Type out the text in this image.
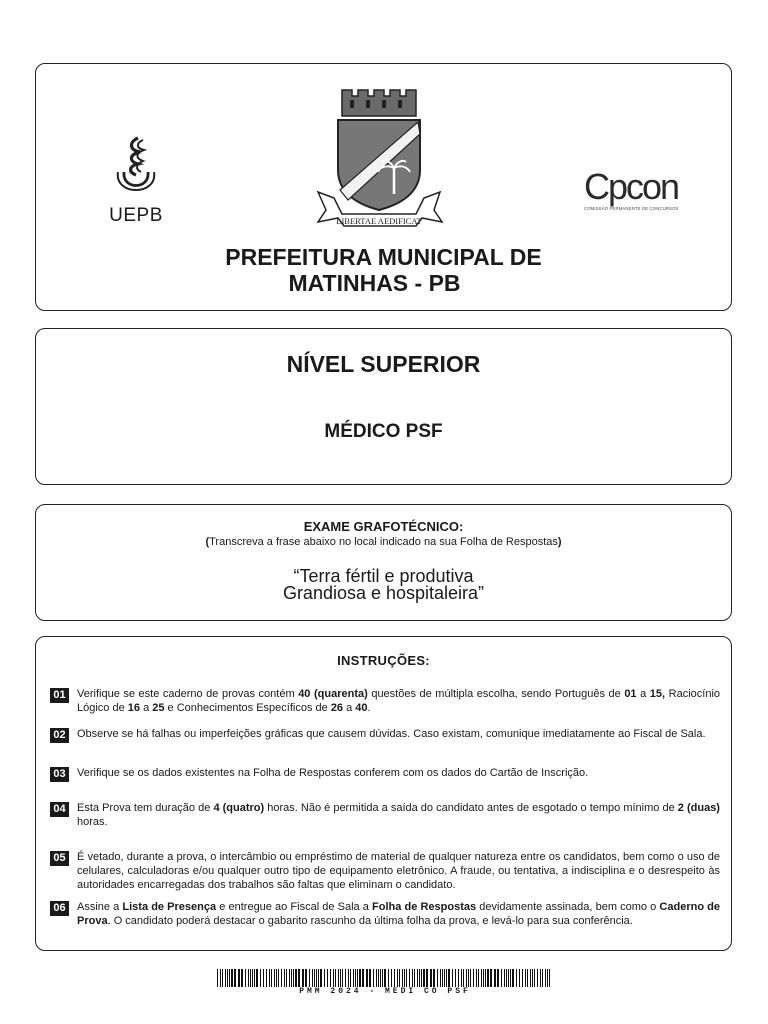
UEPB	LIBERTAE AEDIFICAT
Cpcon
COMISSÃO PERMANENTE DE CONCURSOS
PREFEITURA MUNICIPAL DE
MATINHAS - PB
NÍVEL SUPERIOR
MÉDICO PSF
EXAME GRAFOTÉCNICO:
(Transcreva a frase abaixo no local indicado na sua Folha de Respostas)
“Terra fértil e produtiva
Grandiosa e hospitaleira”
INSTRUÇÕES:
01	Verifique se este caderno de provas contém 40 (quarenta) questões de múltipla escolha, sendo Português de 01 a 15, Raciocínio Lógico de 16 a 25 e Conhecimentos Específicos de 26 a 40.
02	Observe se há falhas ou imperfeições gráficas que causem dúvidas. Caso existam, comunique imediatamente ao Fiscal de Sala.
03	Verifique se os dados existentes na Folha de Respostas conferem com os dados do Cartão de Inscrição.
04	Esta Prova tem duração de 4 (quatro) horas. Não é permitida a saída do candidato antes de esgotado o tempo mínimo de 2 (duas) horas.
05	É vetado, durante a prova, o intercâmbio ou empréstimo de material de qualquer natureza entre os candidatos, bem como o uso de celulares, calculadoras e/ou qualquer outro tipo de equipamento eletrônico. A fraude, ou tentativa, a indisciplina e o desrespeito às autoridades encarregadas dos trabalhos são faltas que eliminam o candidato.
06	Assine a Lista de Presença e entregue ao Fiscal de Sala a Folha de Respostas devidamente assinada, bem como o Caderno de Prova. O candidato poderá destacar o gabarito rascunho da última folha da prova, e levá-lo para sua conferência.
PMM 2024 - MEDI CO PSF
